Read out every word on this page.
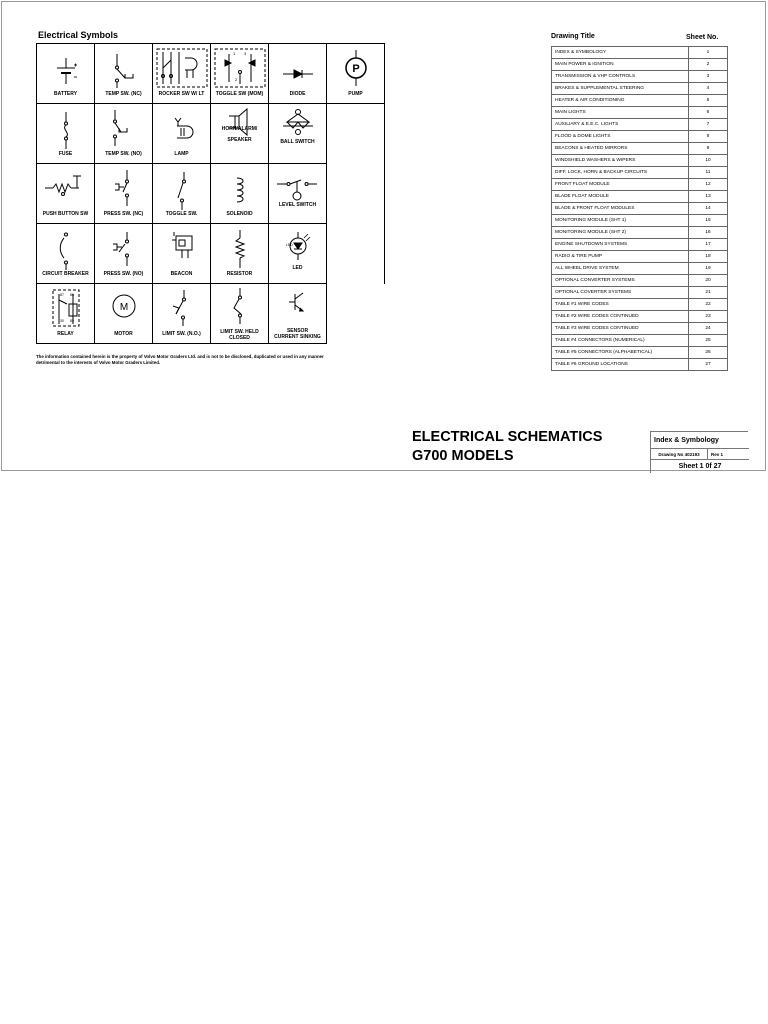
Electrical Symbols
BATTERY	TEMP SW. (NC)	ROCKER SW W/ LT
1 3
2
TOGGLE SW (MOM)	DIODE
P
PUMP
FUSE	TEMP SW. (NO)	LAMP
HORN/ALARM/
SPEAKER	BALL SWITCH
PUSH BUTTON SW	PRESS SW. (NC)	TOGGLE SW.	SOLENOID
LEVEL SWITCH
CIRCUIT BREAKER	PRESS SW. (NO)	BEACON	RESISTOR
LED
LED
87 86
30 85
RELAY
M
MOTOR	LIMIT SW. (N.O.)	LIMIT SW. HELD
CLOSED
SENSOR
CURRENT SINKING
The information contained herein is the property of Volvo Motor Graders Ltd. and is not to be disclosed, duplicated or used in any manner detrimental to the interests of Volvo Motor Graders Limited.
Drawing Title	Sheet No.
INDEX & SYMBOLOGY	1
MAIN POWER & IGNITION	2
TRANSMISSION & VHP CONTROLS	3
BRAKES & SUPPLEMENTAL STEERING	4
HEATER & AIR CONDITIONING	5
MAIN LIGHTS	6
AUXILIARY & E.E.C. LIGHTS	7
FLOOD & DOME LIGHTS	8
BEACONS & HEATED MIRRORS	9
WINDSHIELD WASHERS & WIPERS	10
DIFF. LOCK, HORN & BACKUP CIRCUITS	11
FRONT FLOAT MODULE	12
BLADE FLOAT MODULE	13
BLADE & FRONT FLOAT MODULES	14
MONITORING MODULE (SHT 1)	15
MONITORING MODULE (SHT 2)	16
ENGINE SHUTDOWN SYSTEMS	17
RADIO & TIRE PUMP	18
ALL WHEEL DRIVE SYSTEM	19
OPTIONAL CONVERTER SYSTEMS	20
OPTIONAL COVERTER SYSTEMS	21
TABLE #1 WIRE CODES	22
TABLE #2 WIRE CODES CONTINUED	23
TABLE #3 WIRE CODES CONTINUED	24
TABLE #4 CONNECTORS (NUMERICAL)	25
TABLE #5 CONNECTORS (ALPHABETICAL)	26
TABLE #6 GROUND LOCATIONS	27
ELECTRICAL SCHEMATICS
G700 MODELS
Index & Symbology
Drawing No 402193	Rev 1
Sheet 1 0f 27
